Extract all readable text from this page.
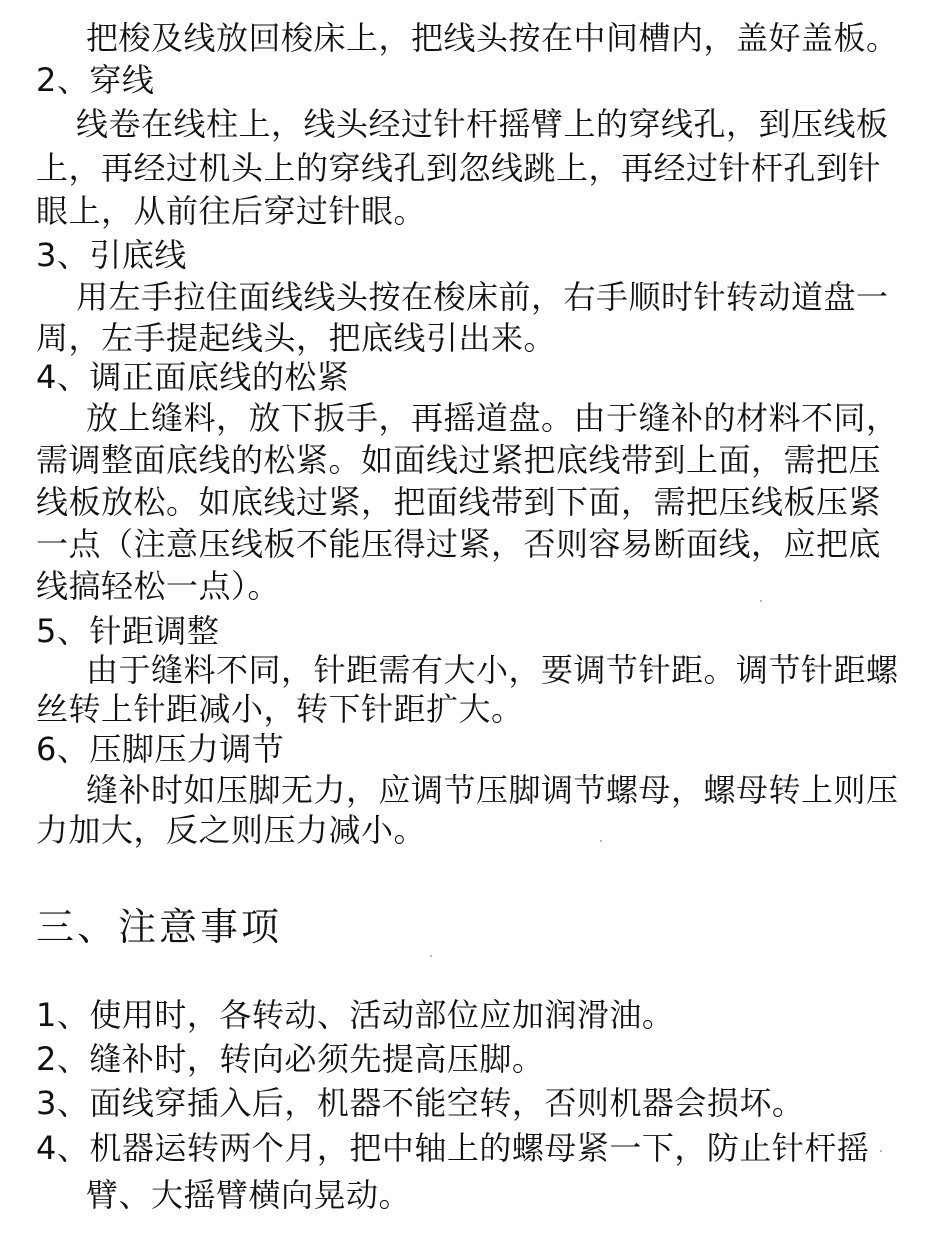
把梭及线放回梭床上，把线头按在中间槽内，盖好盖板。
2、穿线
线卷在线柱上，线头经过针杆摇臂上的穿线孔，到压线板
上，再经过机头上的穿线孔到忽线跳上，再经过针杆孔到针
眼上，从前往后穿过针眼。
3、引底线
用左手拉住面线线头按在梭床前，右手顺时针转动道盘一
周，左手提起线头，把底线引出来。
4、调正面底线的松紧
放上缝料，放下扳手，再摇道盘。由于缝补的材料不同，
需调整面底线的松紧。如面线过紧把底线带到上面，需把压
线板放松。如底线过紧，把面线带到下面，需把压线板压紧
一点（注意压线板不能压得过紧，否则容易断面线，应把底
线搞轻松一点）。
5、针距调整
由于缝料不同，针距需有大小，要调节针距。调节针距螺
丝转上针距减小，转下针距扩大。
6、压脚压力调节
缝补时如压脚无力，应调节压脚调节螺母，螺母转上则压
力加大，反之则压力减小。
三、注意事项
1、使用时，各转动、活动部位应加润滑油。
2、缝补时，转向必须先提高压脚。
3、面线穿插入后，机器不能空转，否则机器会损坏。
4、机器运转两个月，把中轴上的螺母紧一下，防止针杆摇
臂、大摇臂横向晃动。
